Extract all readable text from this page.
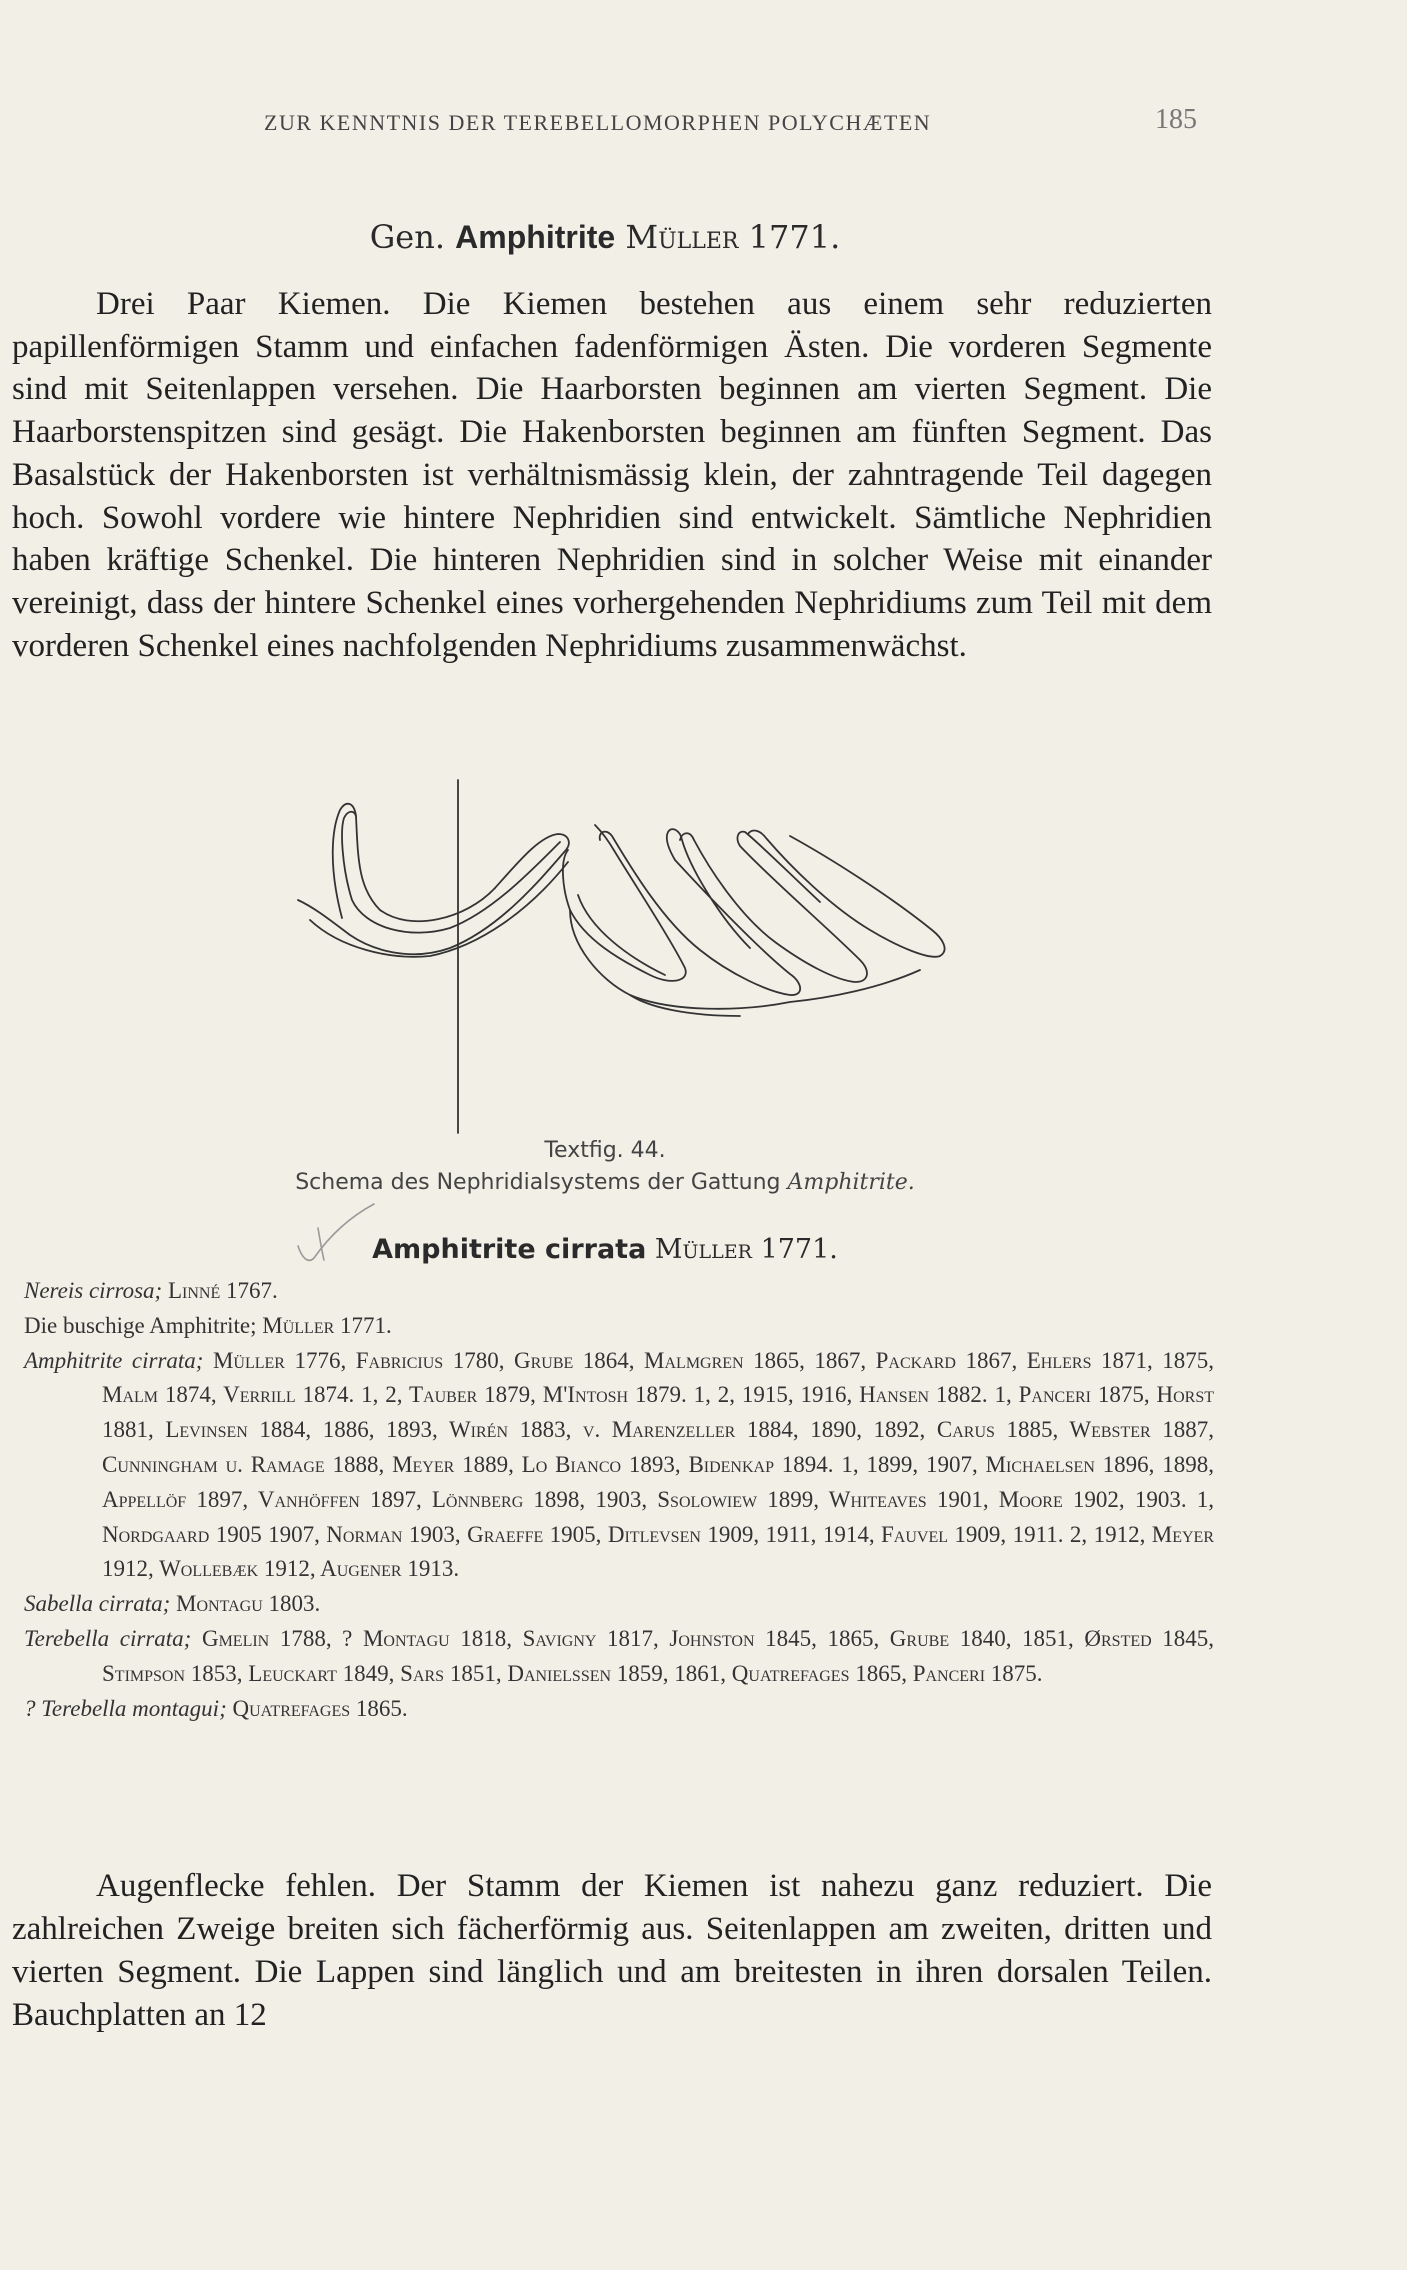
ZUR KENNTNIS DER TEREBELLOMORPHEN POLYCHÆTEN	185
Gen. Amphitrite Müller 1771.

Drei Paar Kiemen. Die Kiemen bestehen aus einem sehr reduzierten papillenförmigen Stamm und einfachen fadenförmigen Ästen. Die vorderen Segmente sind mit Seitenlappen versehen. Die Haarborsten beginnen am vierten Segment. Die Haarborstenspitzen sind gesägt. Die Hakenborsten beginnen am fünften Segment. Das Basalstück der Hakenborsten ist verhältnismässig klein, der zahntragende Teil dagegen hoch. Sowohl vordere wie hintere Nephridien sind entwickelt. Sämtliche Nephridien haben kräftige Schenkel. Die hinteren Nephridien sind in solcher Weise mit einander vereinigt, dass der hintere Schenkel eines vorhergehenden Nephridiums zum Teil mit dem vorderen Schenkel eines nachfolgenden Nephridiums zusammenwächst.

Textfig. 44.
Schema des Nephridialsystems der Gattung Amphitrite.
Amphitrite cirrata Müller 1771.
Nereis cirrosa; Linné 1767.
Die buschige Amphitrite; Müller 1771.
Amphitrite cirrata; Müller 1776, Fabricius 1780, Grube 1864, Malmgren 1865, 1867, Packard 1867, Ehlers 1871, 1875, Malm 1874, Verrill 1874. 1, 2, Tauber 1879, M'Intosh 1879. 1, 2, 1915, 1916, Hansen 1882. 1, Panceri 1875, Horst 1881, Levinsen 1884, 1886, 1893, Wirén 1883, v. Marenzeller 1884, 1890, 1892, Carus 1885, Webster 1887, Cunningham u. Ramage 1888, Meyer 1889, Lo Bianco 1893, Bidenkap 1894. 1, 1899, 1907, Michaelsen 1896, 1898, Appellöf 1897, Vanhöffen 1897, Lönnberg 1898, 1903, Ssolowiew 1899, Whiteaves 1901, Moore 1902, 1903. 1, Nordgaard 1905 1907, Norman 1903, Graeffe 1905, Ditlevsen 1909, 1911, 1914, Fauvel 1909, 1911. 2, 1912, Meyer 1912, Wollebæk 1912, Augener 1913.
Sabella cirrata; Montagu 1803.
Terebella cirrata; Gmelin 1788, ? Montagu 1818, Savigny 1817, Johnston 1845, 1865, Grube 1840, 1851, Ørsted 1845, Stimpson 1853, Leuckart 1849, Sars 1851, Danielssen 1859, 1861, Quatrefages 1865, Panceri 1875.
? Terebella montagui; Quatrefages 1865.

Augenflecke fehlen. Der Stamm der Kiemen ist nahezu ganz reduziert. Die zahlreichen Zweige breiten sich fächerförmig aus. Seitenlappen am zweiten, dritten und vierten Segment. Die Lappen sind länglich und am breitesten in ihren dorsalen Teilen. Bauchplatten an 12
